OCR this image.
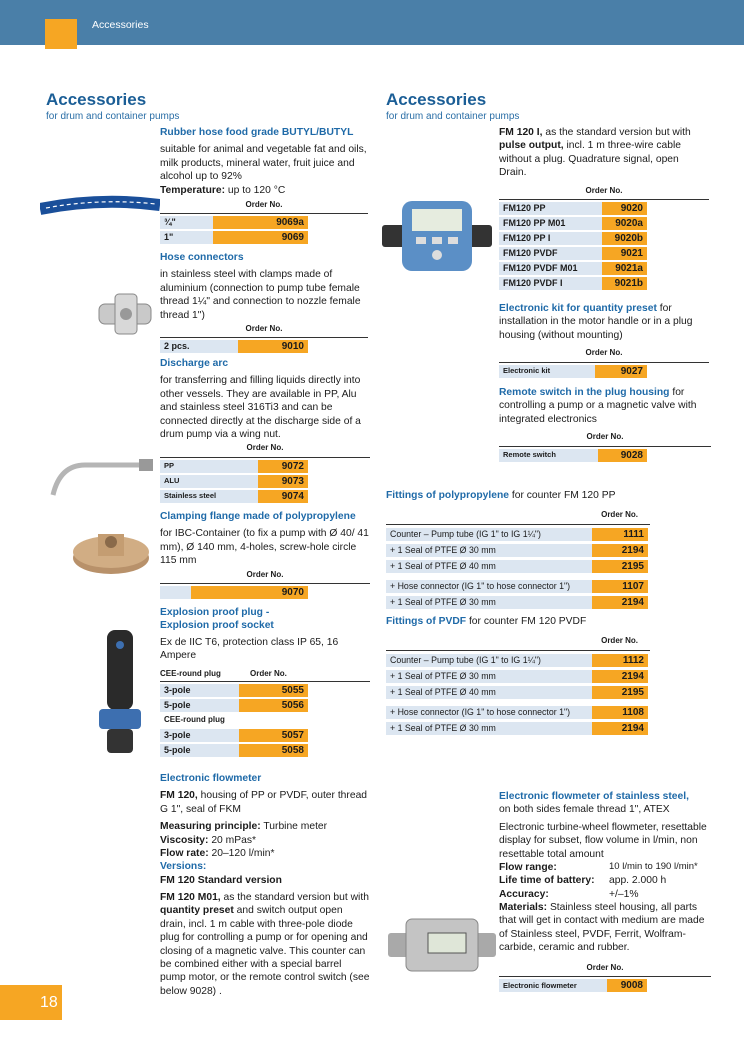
Accessories
Accessories
for drum and container pumps
Rubber hose food grade BUTYL/BUTYL
suitable for animal and vegetable fat and oils, milk products, mineral water, fruit juice and alcohol up to 92%
Temperature: up to 120 °C
Order No.
¾"	9069a
1"	9069
Hose connectors
in stainless steel with clamps made of aluminium (connection to pump tube female thread 1¼" and connection to nozzle female thread 1")
Order No.
2 pcs.	9010
Discharge arc
for transferring and filling liquids directly into other vessels. They are available in PP, Alu and stainless steel 316Ti3 and can be connected directly at the discharge side of a drum pump via a wing nut.
Order No.
PP	9072
ALU	9073
Stainless steel	9074
Clamping flange made of polypropylene
for IBC-Container (to fix a pump with Ø 40/ 41 mm), Ø 140 mm, 4-holes, screw-hole circle 115 mm
Order No.
	9070
Explosion proof plug -
Explosion proof socket
Ex de IIC T6, protection class IP 65, 16 Ampere
CEE-round plug	Order No.
3-pole	5055
5-pole	5056
CEE-round plug	
3-pole	5057
5-pole	5058
Electronic flowmeter
FM 120, housing of PP or PVDF, outer thread G 1", seal of FKM
Measuring principle: Turbine meter
Viscosity: 20 mPas*
Flow rate: 20–120 l/min*
Versions:
FM 120 Standard version
FM 120 M01, as the standard version but with quantity preset and switch output open drain, incl. 1 m cable with three-pole diode plug for controlling a pump or for opening and closing of a magnetic valve. This counter can be combined either with a special barrel pump motor, or the remote control switch (see below 9028) .
18
Accessories
for drum and container pumps
FM 120 I, as the standard version but with pulse output, incl. 1 m three-wire cable without a plug. Quadrature signal, open Drain.
Order No.
FM120 PP	9020
FM120 PP M01	9020a
FM120 PP I	9020b
FM120 PVDF	9021
FM120 PVDF M01	9021a
FM120 PVDF I	9021b
Electronic kit for quantity preset for installation in the motor handle or in a plug housing (without mounting)
Order No.
Electronic kit	9027
Remote switch in the plug housing for controlling a pump or a magnetic valve with integrated electronics
Order No.
Remote switch	9028
Fittings of polypropylene for counter FM 120 PP
Order No.
Counter – Pump tube (IG 1" to IG 1¼")	1111
+ 1 Seal of PTFE Ø 30 mm	2194
+ 1 Seal of PTFE Ø 40 mm	2195
+ Hose connector (IG 1" to hose connector 1")	1107
+ 1 Seal of PTFE Ø 30 mm	2194
Fittings of PVDF for counter FM 120 PVDF
Order No.
Counter – Pump tube (IG 1" to IG 1¼")	1112
+ 1 Seal of PTFE Ø 30 mm	2194
+ 1 Seal of PTFE Ø 40 mm	2195
+ Hose connector (IG 1" to hose connector 1")	1108
+ 1 Seal of PTFE Ø 30 mm	2194
Electronic flowmeter of stainless steel,
on both sides female thread 1", ATEX
Electronic turbine-wheel flowmeter, resettable display for subset, flow volume in l/min, non resettable total amount
Flow range:	10 l/min to 190 l/min*
Life time of battery:	app. 2.000 h
Accuracy:	+/–1%
Materials: Stainless steel housing, all parts that will get in contact with medium are made of Stainless steel, PVDF, Ferrit, Wolfram-carbide, ceramic and rubber.
Order No.
Electronic flowmeter	9008
